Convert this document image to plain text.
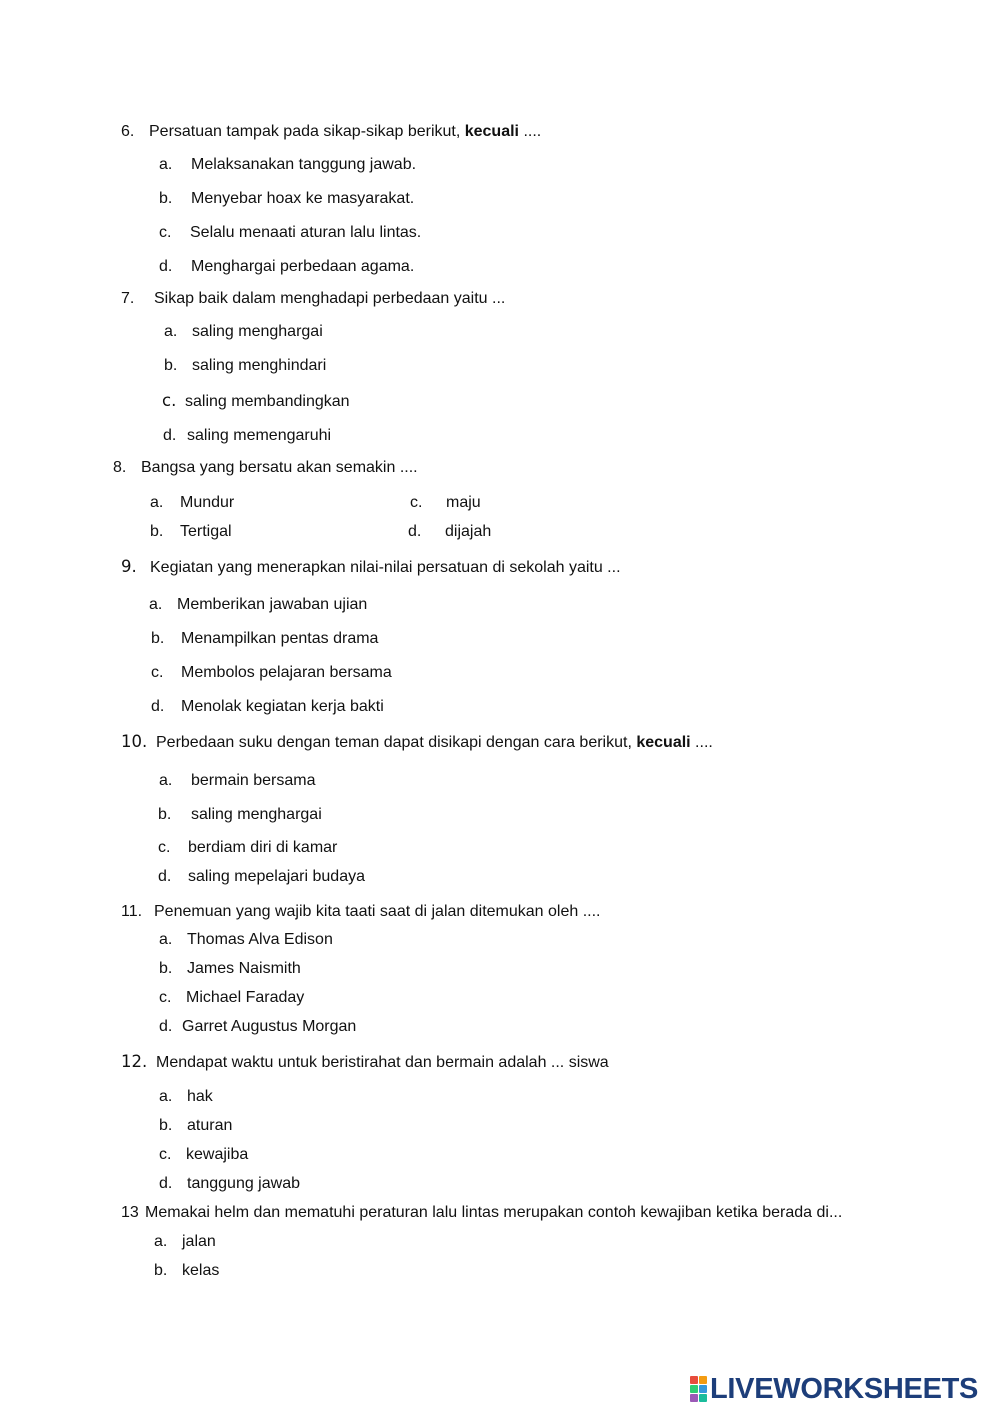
6. Persatuan tampak pada sikap-sikap berikut, kecuali ....
a. Melaksanakan tanggung jawab.
b. Menyebar hoax ke masyarakat.
c. Selalu menaati aturan lalu lintas.
d. Menghargai perbedaan agama.
7. Sikap baik dalam menghadapi perbedaan yaitu ...
a. saling menghargai
b. saling menghindari
c. saling membandingkan
d. saling memengaruhi
8. Bangsa yang bersatu akan semakin ....
a. Mundur
b. Tertigal
c. maju
d. dijajah
9. Kegiatan yang menerapkan nilai-nilai persatuan di sekolah yaitu ...
a. Memberikan jawaban ujian
b. Menampilkan pentas drama
c. Membolos pelajaran bersama
d. Menolak kegiatan kerja bakti
10. Perbedaan suku dengan teman dapat disikapi dengan cara berikut, kecuali ....
a. bermain bersama
b. saling menghargai
c. berdiam diri di kamar
d. saling mepelajari budaya
11. Penemuan yang wajib kita taati saat di jalan ditemukan oleh ....
a. Thomas Alva Edison
b. James Naismith
c. Michael Faraday
d. Garret Augustus Morgan
12. Mendapat waktu untuk beristirahat dan bermain adalah ... siswa
a. hak
b. aturan
c. kewajiba
d. tanggung jawab
13 Memakai helm dan mematuhi peraturan lalu lintas merupakan contoh kewajiban ketika berada di...
a. jalan
b. kelas
LIVEWORKSHEETS
